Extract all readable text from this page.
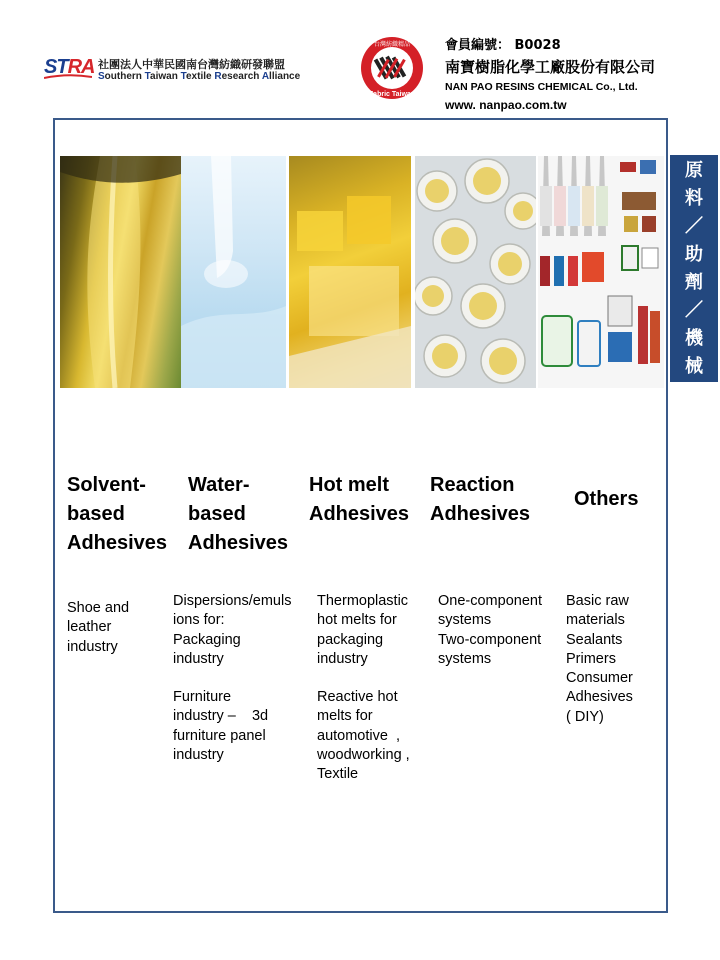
STRA 社團法人中華民國南台灣紡織研發聯盟
Southern Taiwan Textile Research Alliance
台灣紡織精品
Fabric Taiwan
會員編號： B0028
南寶樹脂化學工廠股份有限公司
NAN PAO RESINS CHEMICAL Co., Ltd.
www. nanpao.com.tw
原
料
／
助
劑
／
機
械
Solvent-
based
Adhesives
Water-
based
Adhesives
Hot melt
Adhesives
Reaction
Adhesives
Others
Shoe and
leather
industry
Dispersions/emuls
ions for:
Packaging
industry
Furniture
industry –    3d
furniture panel
industry
Thermoplastic
hot melts for
packaging
industry
Reactive hot
melts for
automotive  ,
woodworking ,
Textile
One-component
systems
Two-component
systems
Basic raw
materials
Sealants
Primers
Consumer
Adhesives
( DIY)
